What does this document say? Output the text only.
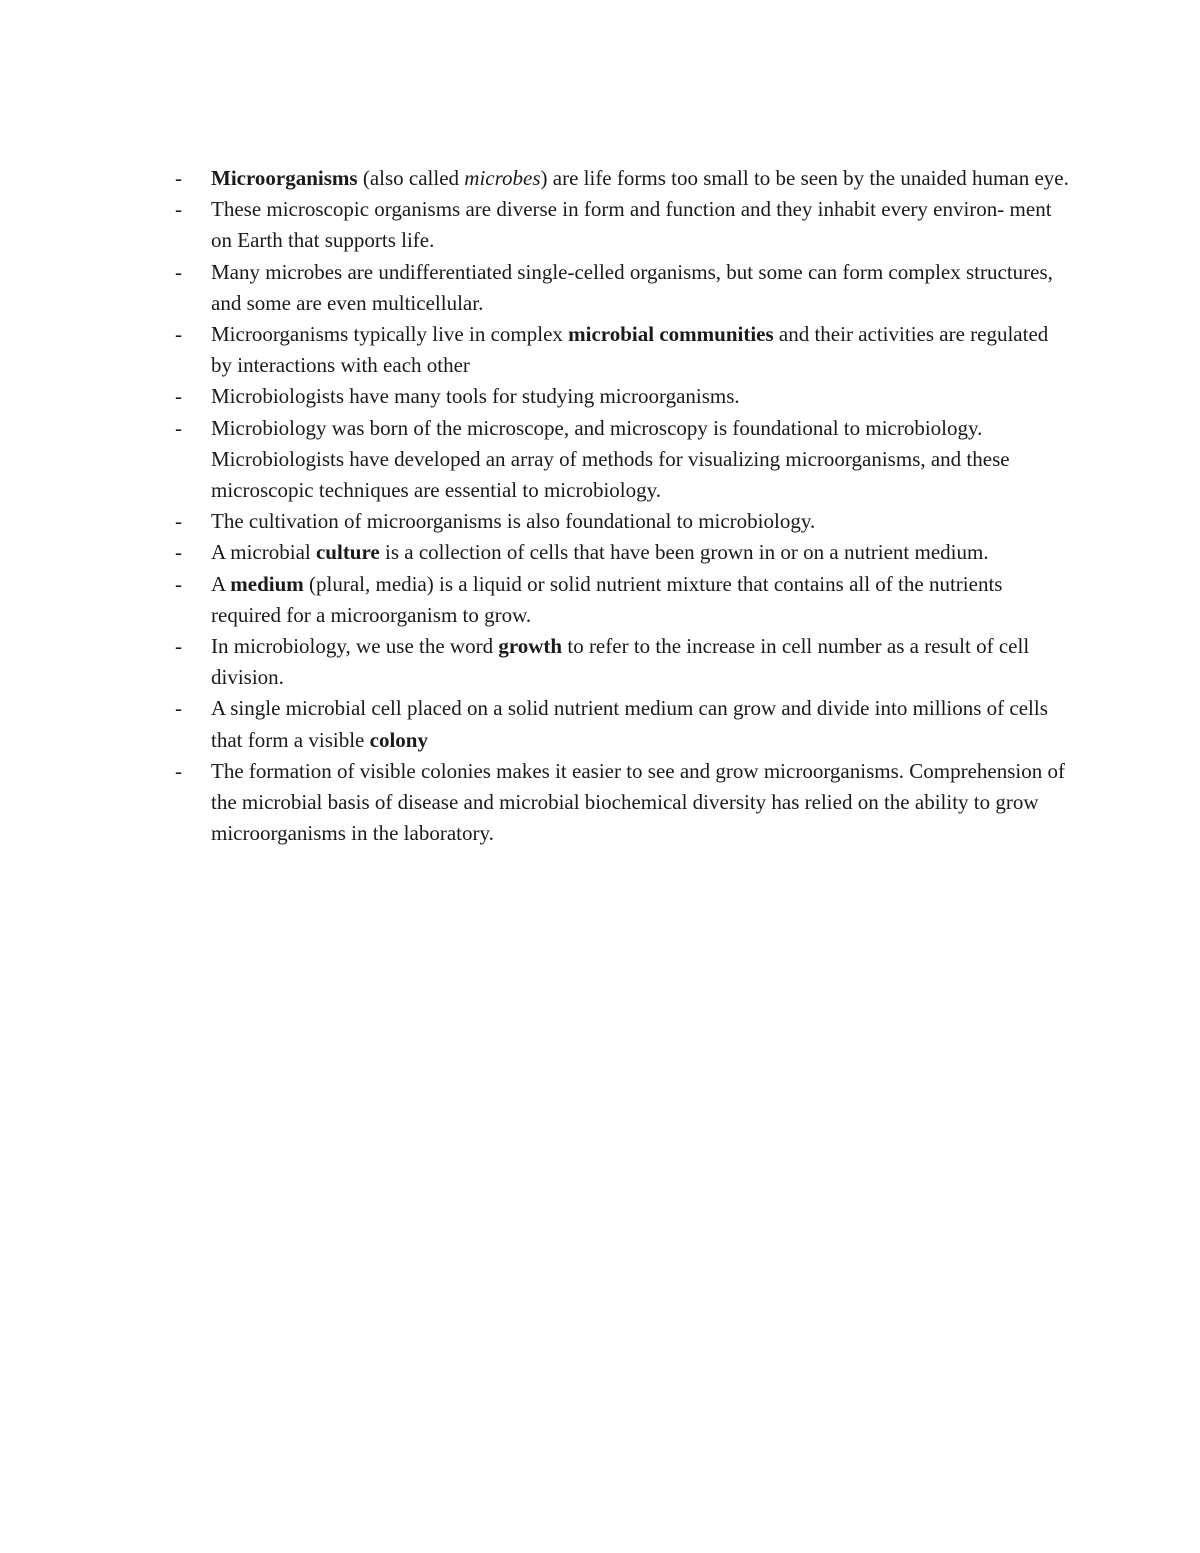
- Microorganisms (also called microbes) are life forms too small to be seen by the unaided human eye.
- These microscopic organisms are diverse in form and function and they inhabit every environ- ment on Earth that supports life.
- Many microbes are undifferentiated single-celled organisms, but some can form complex structures, and some are even multicellular.
- Microorganisms typically live in complex microbial communities and their activities are regulated by interactions with each other
- Microbiologists have many tools for studying microorganisms.
- Microbiology was born of the microscope, and microscopy is foundational to microbiology. Microbiologists have developed an array of methods for visualizing microorganisms, and these microscopic techniques are essential to microbiology.
- The cultivation of microorganisms is also foundational to microbiology.
- A microbial culture is a collection of cells that have been grown in or on a nutrient medium.
- A medium (plural, media) is a liquid or solid nutrient mixture that contains all of the nutrients required for a microorganism to grow.
- In microbiology, we use the word growth to refer to the increase in cell number as a result of cell division.
- A single microbial cell placed on a solid nutrient medium can grow and divide into millions of cells that form a visible colony
- The formation of visible colonies makes it easier to see and grow microorganisms. Comprehension of the microbial basis of disease and microbial biochemical diversity has relied on the ability to grow microorganisms in the laboratory.
